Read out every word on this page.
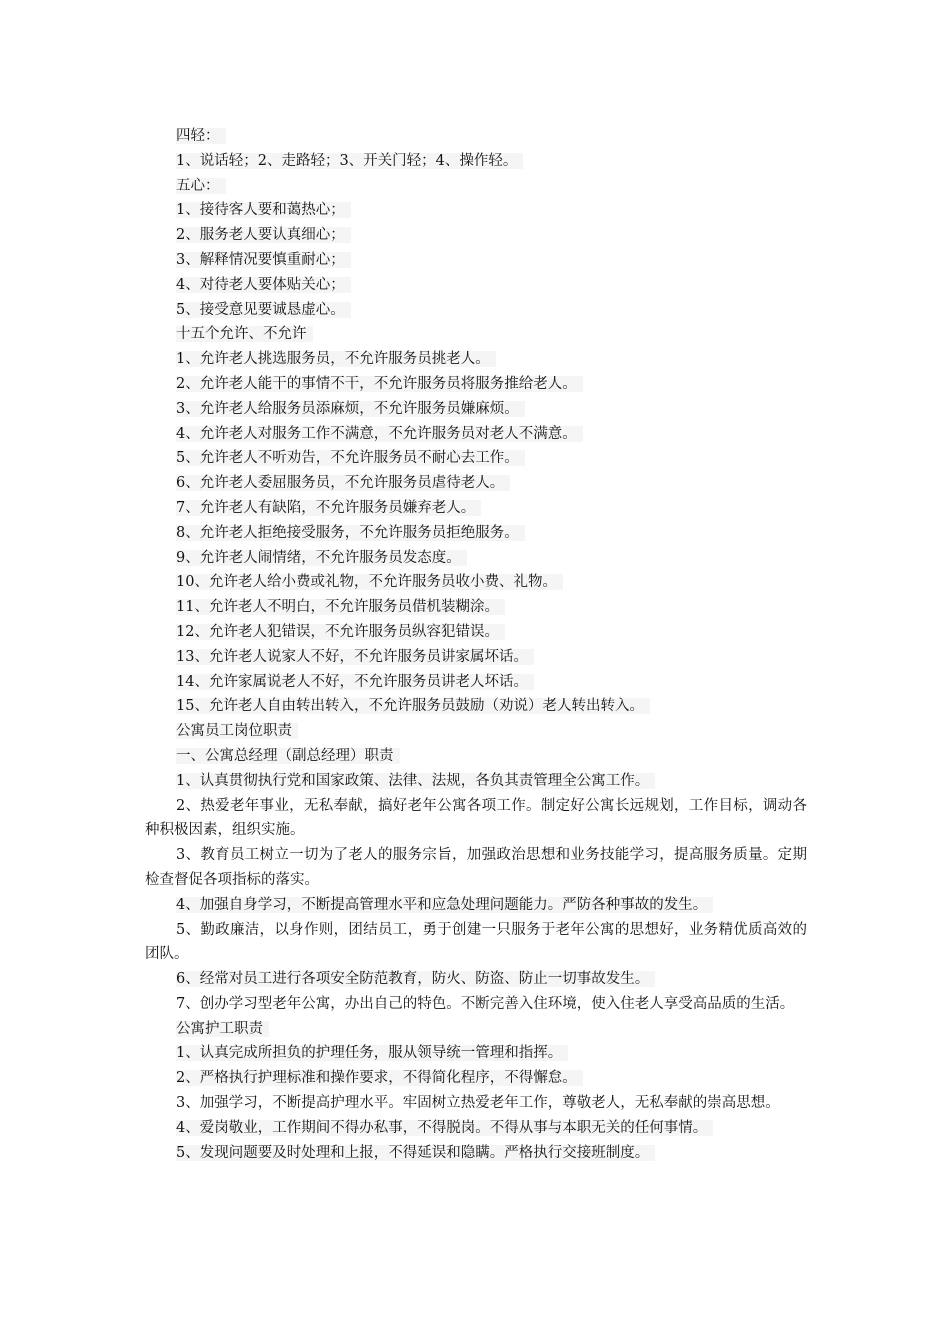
四轻：
1、说话轻；2、走路轻；3、开关门轻；4、操作轻。
五心：
1、接待客人要和蔼热心；
2、服务老人要认真细心；
3、解释情况要慎重耐心；
4、对待老人要体贴关心；
5、接受意见要诚恳虚心。
十五个允许、不允许
1、允许老人挑选服务员，不允许服务员挑老人。
2、允许老人能干的事情不干，不允许服务员将服务推给老人。
3、允许老人给服务员添麻烦，不允许服务员嫌麻烦。
4、允许老人对服务工作不满意，不允许服务员对老人不满意。
5、允许老人不听劝告，不允许服务员不耐心去工作。
6、允许老人委屈服务员，不允许服务员虐待老人。
7、允许老人有缺陷，不允许服务员嫌弃老人。
8、允许老人拒绝接受服务，不允许服务员拒绝服务。
9、允许老人闹情绪，不允许服务员发态度。
10、允许老人给小费或礼物，不允许服务员收小费、礼物。
11、允许老人不明白，不允许服务员借机装糊涂。
12、允许老人犯错误，不允许服务员纵容犯错误。
13、允许老人说家人不好，不允许服务员讲家属坏话。
14、允许家属说老人不好，不允许服务员讲老人坏话。
15、允许老人自由转出转入，不允许服务员鼓励（劝说）老人转出转入。
公寓员工岗位职责
一、公寓总经理（副总经理）职责
1、认真贯彻执行党和国家政策、法律、法规，各负其责管理全公寓工作。
2、热爱老年事业，无私奉献，搞好老年公寓各项工作。制定好公寓长远规划，工作目标，调动各种积极因素，组织实施。
3、教育员工树立一切为了老人的服务宗旨，加强政治思想和业务技能学习，提高服务质量。定期检查督促各项指标的落实。
4、加强自身学习，不断提高管理水平和应急处理问题能力。严防各种事故的发生。
5、勤政廉洁，以身作则，团结员工，勇于创建一只服务于老年公寓的思想好，业务精优质高效的团队。
6、经常对员工进行各项安全防范教育，防火、防盗、防止一切事故发生。
7、创办学习型老年公寓，办出自己的特色。不断完善入住环境，使入住老人享受高品质的生活。
公寓护工职责
1、认真完成所担负的护理任务，服从领导统一管理和指挥。
2、严格执行护理标准和操作要求，不得简化程序，不得懈怠。
3、加强学习，不断提高护理水平。牢固树立热爱老年工作，尊敬老人，无私奉献的崇高思想。
4、爱岗敬业，工作期间不得办私事，不得脱岗。不得从事与本职无关的任何事情。
5、发现问题要及时处理和上报，不得延误和隐瞒。严格执行交接班制度。
